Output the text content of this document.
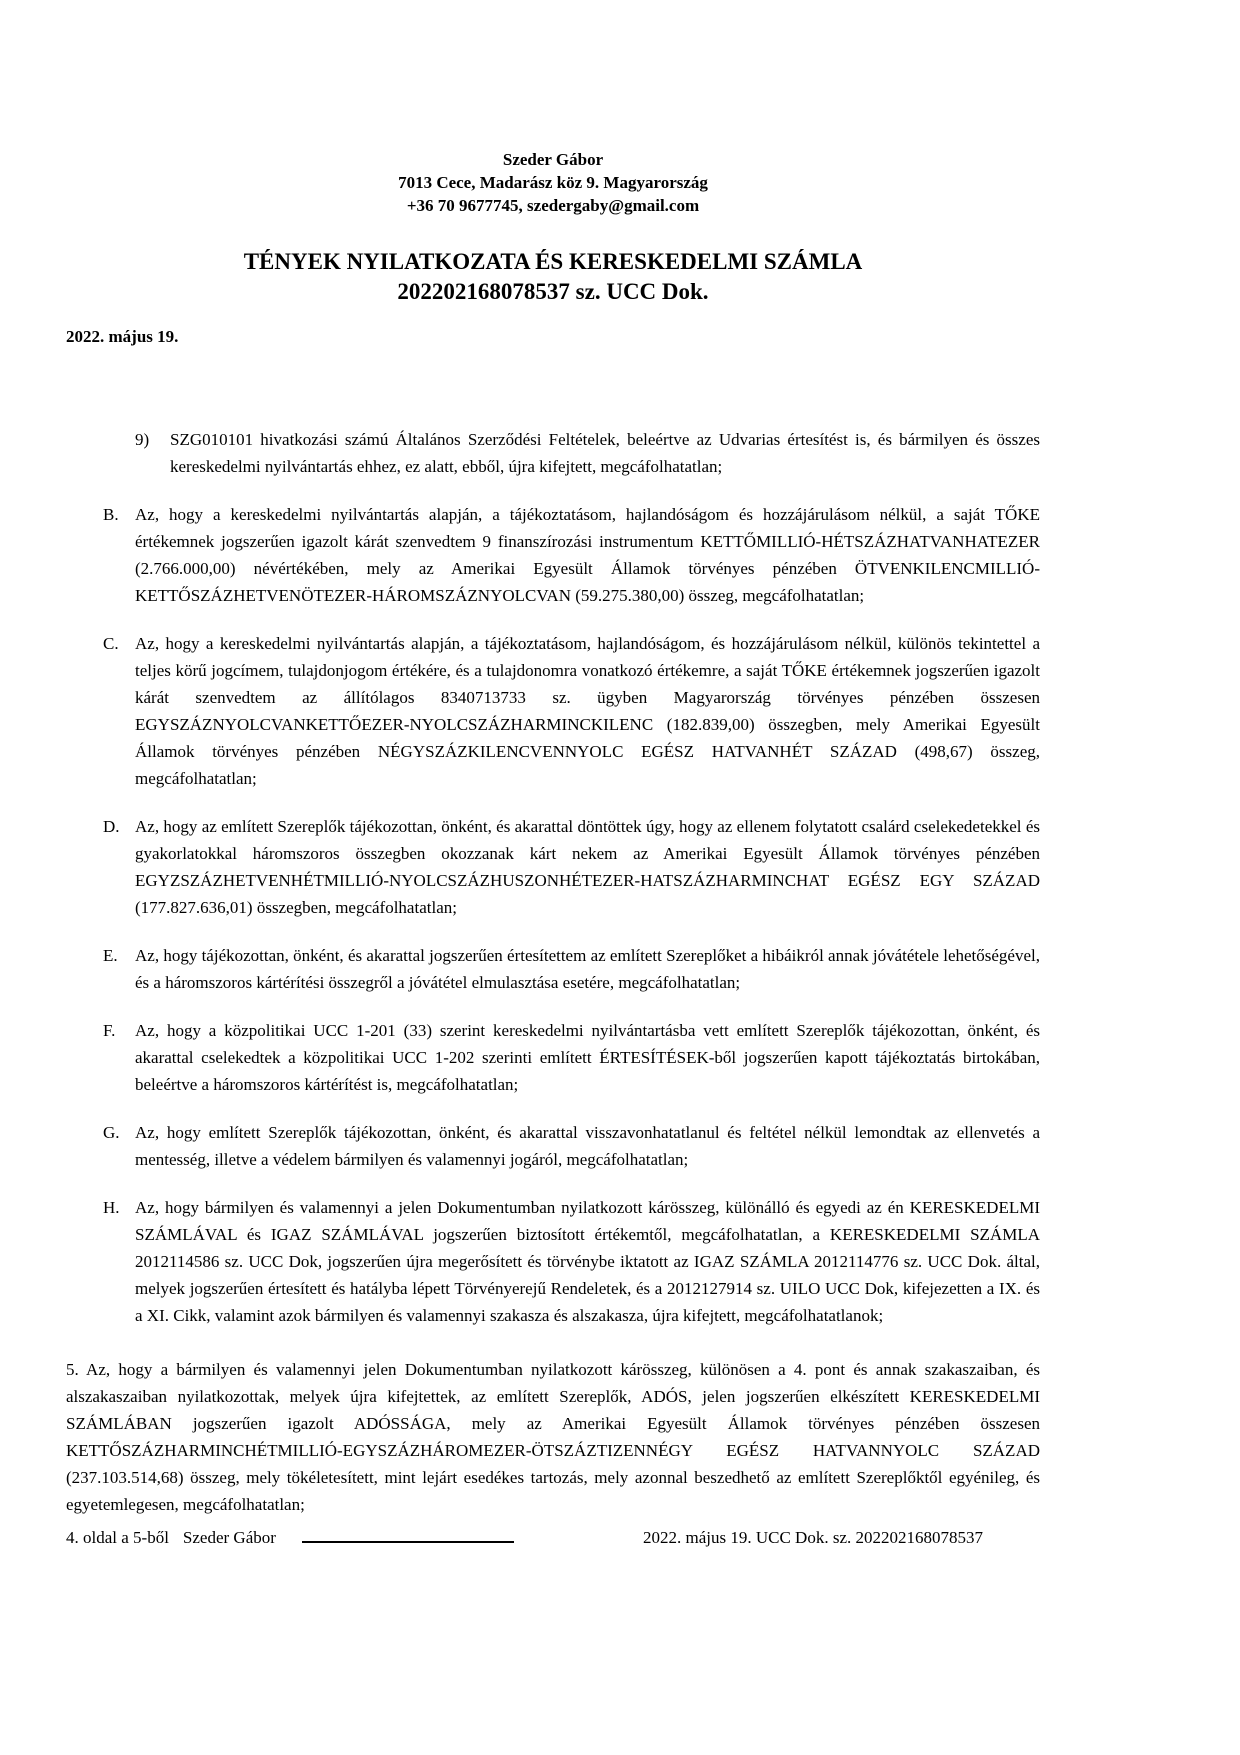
Szeder Gábor
7013 Cece, Madarász köz 9. Magyarország
+36 70 9677745, szedergaby@gmail.com
TÉNYEK NYILATKOZATA ÉS KERESKEDELMI SZÁMLA
202202168078537 sz. UCC Dok.
2022. május 19.
9) SZG010101 hivatkozási számú Általános Szerződési Feltételek, beleértve az Udvarias értesítést is, és bármilyen és összes kereskedelmi nyilvántartás ehhez, ez alatt, ebből, újra kifejtett, megcáfolhatatlan;
B. Az, hogy a kereskedelmi nyilvántartás alapján, a tájékoztatásom, hajlandóságom és hozzájárulásom nélkül, a saját TŐKE értékemnek jogszerűen igazolt kárát szenvedtem 9 finanszírozási instrumentum KETTŐMILLIÓ-HÉTSZÁZHATVANHATEZER (2.766.000,00) névértékében, mely az Amerikai Egyesült Államok törvényes pénzében ÖTVENKILENCMILLIÓ-KETTŐSZÁZHETVENÖTEZER-HÁROMSZÁZNYOLCVAN (59.275.380,00) összeg, megcáfolhatatlan;
C. Az, hogy a kereskedelmi nyilvántartás alapján, a tájékoztatásom, hajlandóságom, és hozzájárulásom nélkül, különös tekintettel a teljes körű jogcímem, tulajdonjogom értékére, és a tulajdonomra vonatkozó értékemre, a saját TŐKE értékemnek jogszerűen igazolt kárát szenvedtem az állítólagos 8340713733 sz. ügyben Magyarország törvényes pénzében összesen EGYSZÁZNYOLCVANKETTŐEZER-NYOLCSZÁZHARMINCKILENC (182.839,00) összegben, mely Amerikai Egyesült Államok törvényes pénzében NÉGYSZÁZKILENCVENNYOLC EGÉSZ HATVANHÉT SZÁZAD (498,67) összeg, megcáfolhatatlan;
D. Az, hogy az említett Szereplők tájékozottan, önként, és akarattal döntöttek úgy, hogy az ellenem folytatott csalárd cselekedetekkel és gyakorlatokkal háromszoros összegben okozzanak kárt nekem az Amerikai Egyesült Államok törvényes pénzében EGYZSZÁZHETVENHÉTMILLIÓ-NYOLCSZÁZHUSZONHÉTEZER-HATSZÁZHARMINCHAT EGÉSZ EGY SZÁZAD (177.827.636,01) összegben, megcáfolhatatlan;
E. Az, hogy tájékozottan, önként, és akarattal jogszerűen értesítettem az említett Szereplőket a hibáikról annak jóvátétele lehetőségével, és a háromszoros kártérítési összegről a jóvátétel elmulasztása esetére, megcáfolhatatlan;
F. Az, hogy a közpolitikai UCC 1-201 (33) szerint kereskedelmi nyilvántartásba vett említett Szereplők tájékozottan, önként, és akarattal cselekedtek a közpolitikai UCC 1-202 szerinti említett ÉRTESÍTÉSEK-ből jogszerűen kapott tájékoztatás birtokában, beleértve a háromszoros kártérítést is, megcáfolhatatlan;
G. Az, hogy említett Szereplők tájékozottan, önként, és akarattal visszavonhatatlanul és feltétel nélkül lemondtak az ellenvetés a mentesség, illetve a védelem bármilyen és valamennyi jogáról, megcáfolhatatlan;
H. Az, hogy bármilyen és valamennyi a jelen Dokumentumban nyilatkozott kárösszeg, különálló és egyedi az én KERESKEDELMI SZÁMLÁVAL és IGAZ SZÁMLÁVAL jogszerűen biztosított értékemtől, megcáfolhatatlan, a KERESKEDELMI SZÁMLA 2012114586 sz. UCC Dok, jogszerűen újra megerősített és törvénybe iktatott az IGAZ SZÁMLA 2012114776 sz. UCC Dok. által, melyek jogszerűen értesített és hatályba lépett Törvényerejű Rendeletek, és a 2012127914 sz. UILO UCC Dok, kifejezetten a IX. és a XI. Cikk, valamint azok bármilyen és valamennyi szakasza és alszakasza, újra kifejtett, megcáfolhatatlanok;
5. Az, hogy a bármilyen és valamennyi jelen Dokumentumban nyilatkozott kárösszeg, különösen a 4. pont és annak szakaszaiban, és alszakaszaiban nyilatkozottak, melyek újra kifejtettek, az említett Szereplők, ADÓS, jelen jogszerűen elkészített KERESKEDELMI SZÁMLÁBAN jogszerűen igazolt ADÓSSÁGA, mely az Amerikai Egyesült Államok törvényes pénzében összesen KETTŐSZÁZHARMINCHÉTMILLIÓ-EGYSZÁZHÁROMEZER-ÖTSZÁZTIZENNÉGY EGÉSZ HATVANNYOLC SZÁZAD (237.103.514,68) összeg, mely tökéletesített, mint lejárt esedékes tartozás, mely azonnal beszedhető az említett Szereplőktől egyénileg, és egyetemlegesen, megcáfolhatatlan;
4. oldal a 5-ből Szeder Gábor	2022. május 19. UCC Dok. sz. 202202168078537
